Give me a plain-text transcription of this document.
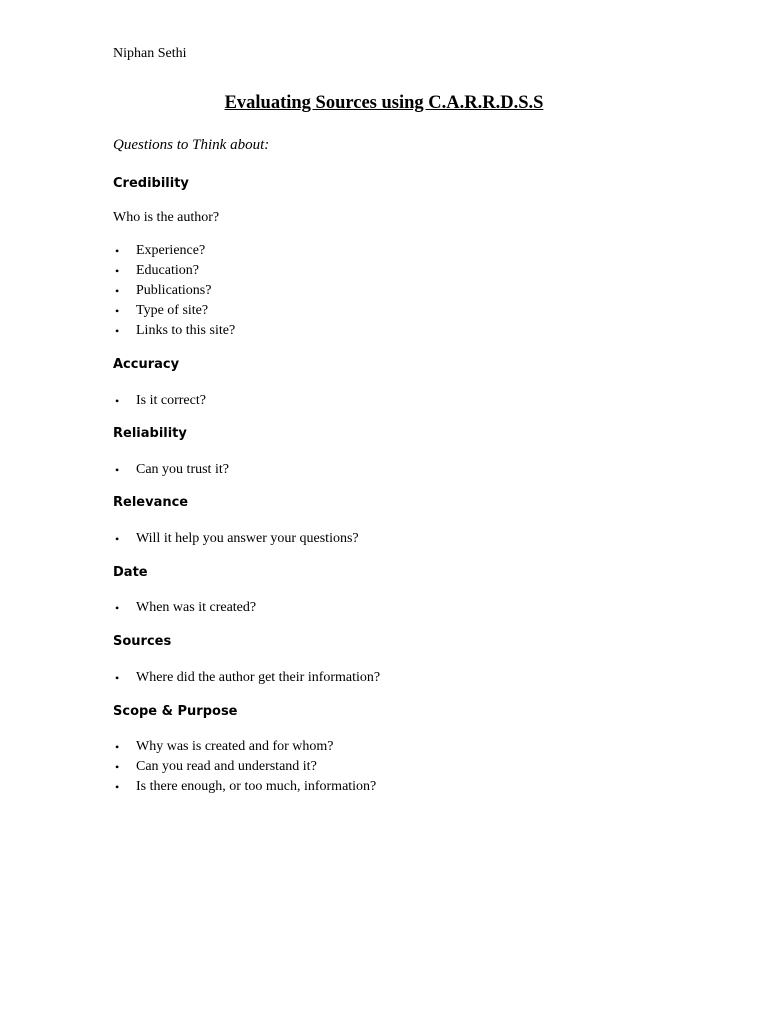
Niphan Sethi

Evaluating Sources using C.A.R.R.D.S.S

Questions to Think about:

Credibility

Who is the author?

• Experience?
• Education?
• Publications?
• Type of site?
• Links to this site?

Accuracy

• Is it correct?

Reliability

• Can you trust it?

Relevance

• Will it help you answer your questions?

Date

• When was it created?

Sources

• Where did the author get their information?

Scope & Purpose

• Why was is created and for whom?
• Can you read and understand it?
• Is there enough, or too much, information?
